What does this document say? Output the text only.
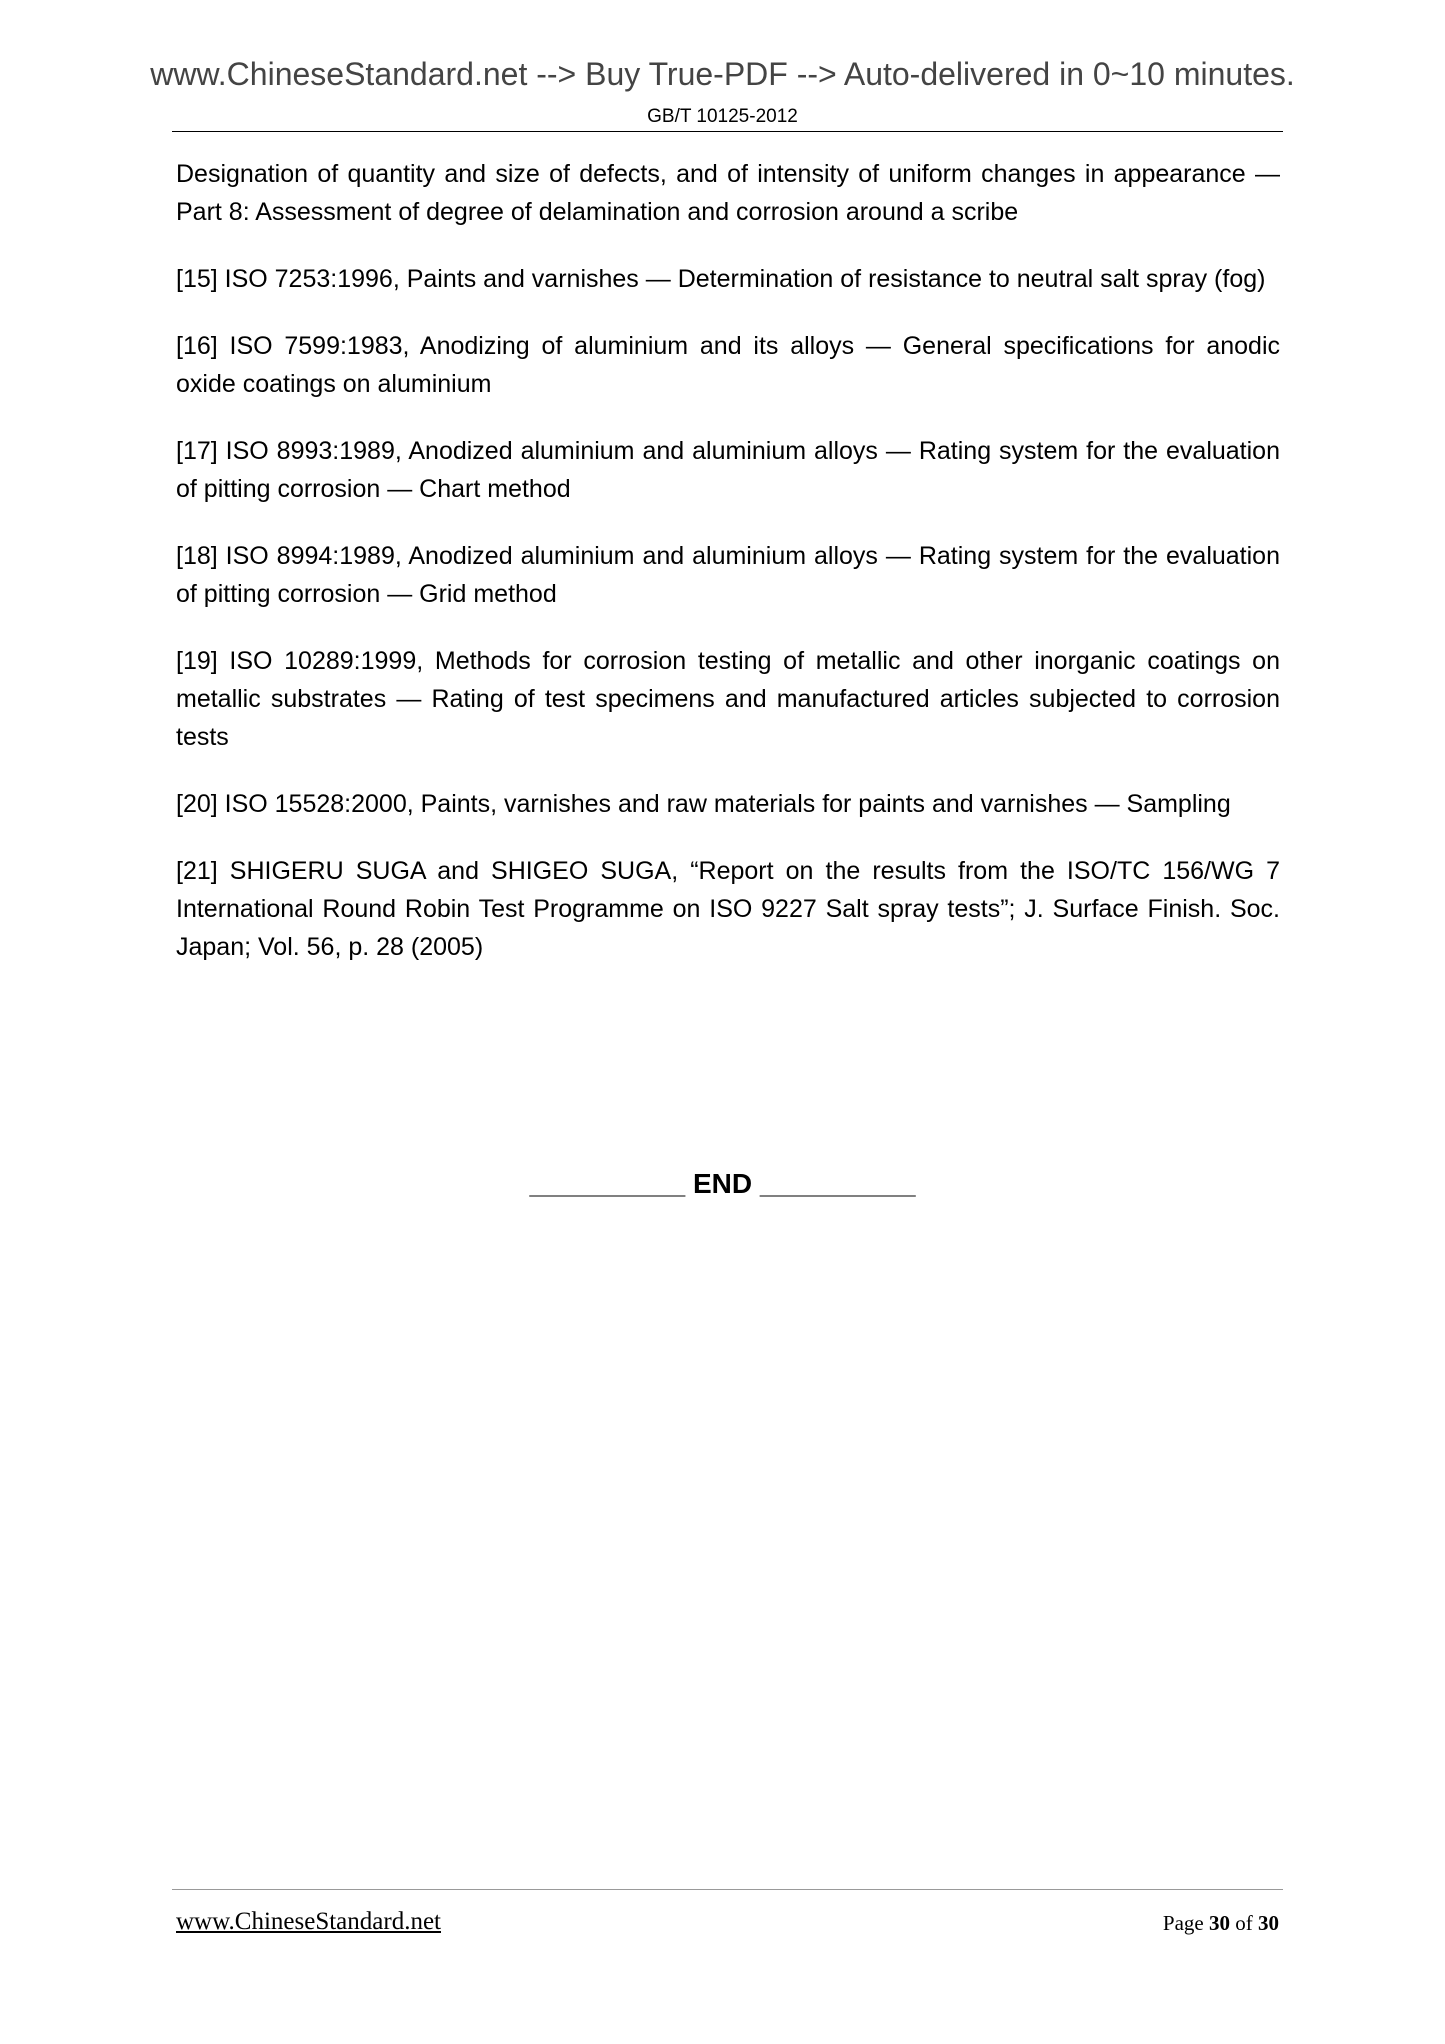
www.ChineseStandard.net --> Buy True-PDF --> Auto-delivered in 0~10 minutes.
GB/T 10125-2012

Designation of quantity and size of defects, and of intensity of uniform changes in appearance — Part 8: Assessment of degree of delamination and corrosion around a scribe

[15] ISO 7253:1996, Paints and varnishes — Determination of resistance to neutral salt spray (fog)

[16] ISO 7599:1983, Anodizing of aluminium and its alloys — General specifications for anodic oxide coatings on aluminium

[17] ISO 8993:1989, Anodized aluminium and aluminium alloys — Rating system for the evaluation of pitting corrosion — Chart method

[18] ISO 8994:1989, Anodized aluminium and aluminium alloys — Rating system for the evaluation of pitting corrosion — Grid method

[19] ISO 10289:1999, Methods for corrosion testing of metallic and other inorganic coatings on metallic substrates — Rating of test specimens and manufactured articles subjected to corrosion tests

[20] ISO 15528:2000, Paints, varnishes and raw materials for paints and varnishes — Sampling

[21] SHIGERU SUGA and SHIGEO SUGA, “Report on the results from the ISO/TC 156/WG 7 International Round Robin Test Programme on ISO 9227 Salt spray tests”; J. Surface Finish. Soc. Japan; Vol. 56, p. 28 (2005)

__________ END __________
www.ChineseStandard.net	Page 30 of 30
